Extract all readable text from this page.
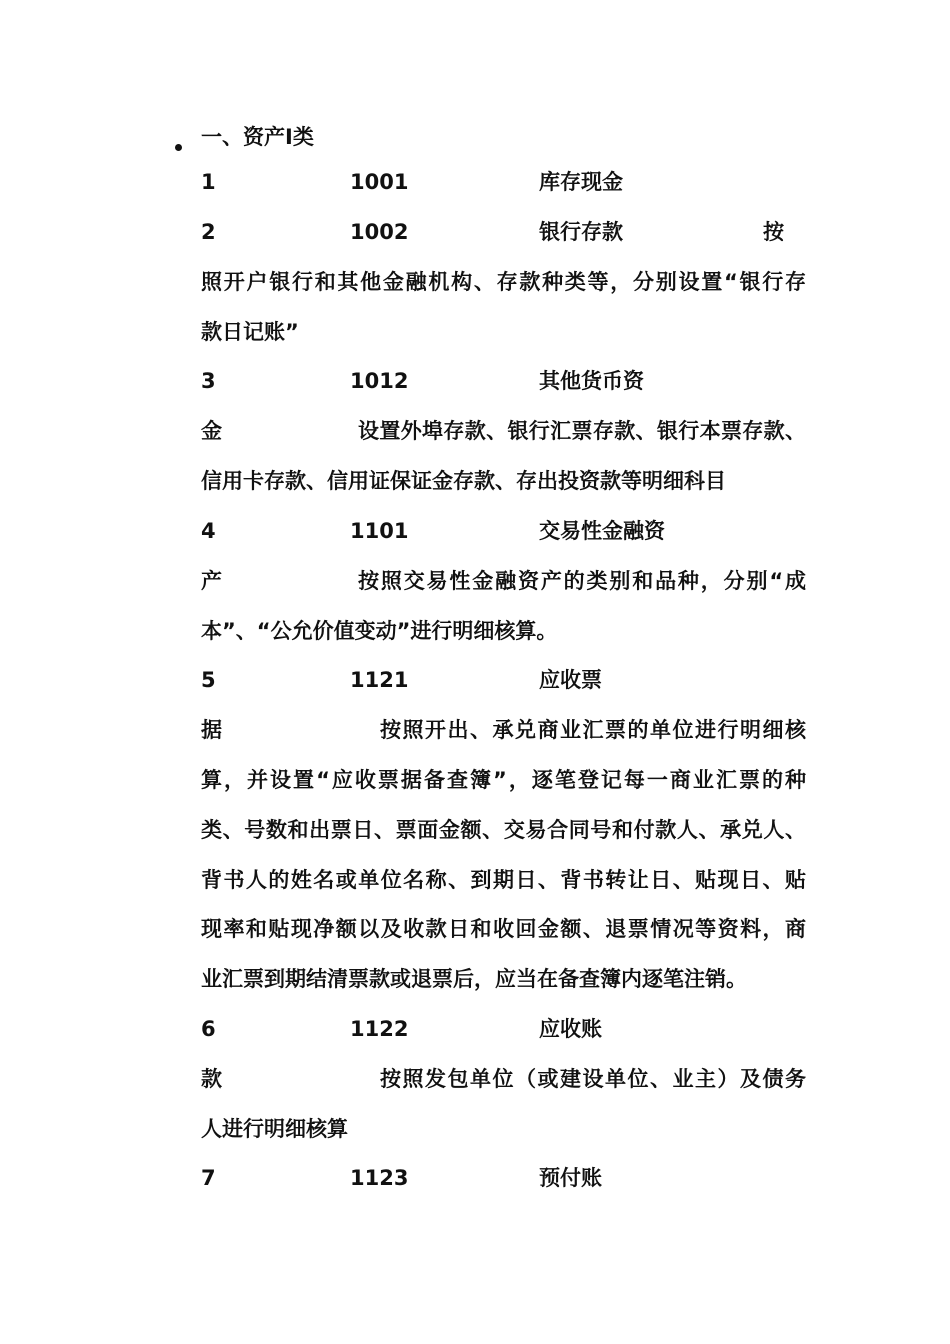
一、资产Ⅰ类
1	1001	库存现金
2	1002	银行存款	按
照开户银行和其他金融机构、存款种类等，分别设置“银行存
款日记账”
3	1012	其他货币资
金	设置外埠存款、银行汇票存款、银行本票存款、
信用卡存款、信用证保证金存款、存出投资款等明细科目
4	1101	交易性金融资
产	按照交易性金融资产的类别和品种，分别“成
本”、“公允价值变动”进行明细核算。
5	1121	应收票
据	按照开出、承兑商业汇票的单位进行明细核
算，并设置“应收票据备查簿”，逐笔登记每一商业汇票的种
类、号数和出票日、票面金额、交易合同号和付款人、承兑人、
背书人的姓名或单位名称、到期日、背书转让日、贴现日、贴
现率和贴现净额以及收款日和收回金额、退票情况等资料，商
业汇票到期结清票款或退票后，应当在备查簿内逐笔注销。
6	1122	应收账
款	按照发包单位（或建设单位、业主）及债务
人进行明细核算
7	1123	预付账
